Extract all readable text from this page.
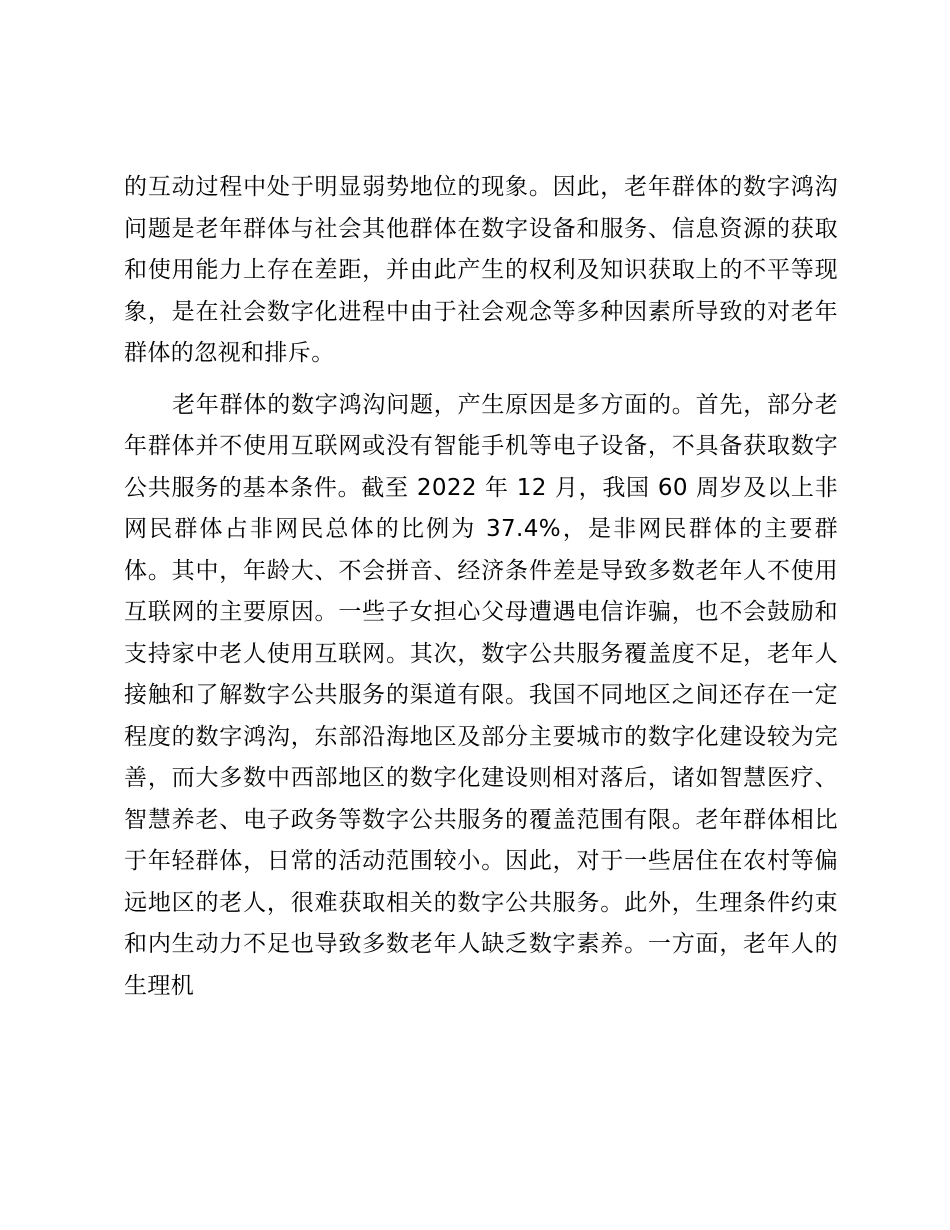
的互动过程中处于明显弱势地位的现象。因此，老年群体的数字鸿沟问题是老年群体与社会其他群体在数字设备和服务、信息资源的获取和使用能力上存在差距，并由此产生的权利及知识获取上的不平等现象，是在社会数字化进程中由于社会观念等多种因素所导致的对老年群体的忽视和排斥。

老年群体的数字鸿沟问题，产生原因是多方面的。首先，部分老年群体并不使用互联网或没有智能手机等电子设备，不具备获取数字公共服务的基本条件。截至 2022 年 12 月，我国 60 周岁及以上非网民群体占非网民总体的比例为 37.4%，是非网民群体的主要群体。其中，年龄大、不会拼音、经济条件差是导致多数老年人不使用互联网的主要原因。一些子女担心父母遭遇电信诈骗，也不会鼓励和支持家中老人使用互联网。其次，数字公共服务覆盖度不足，老年人接触和了解数字公共服务的渠道有限。我国不同地区之间还存在一定程度的数字鸿沟，东部沿海地区及部分主要城市的数字化建设较为完善，而大多数中西部地区的数字化建设则相对落后，诸如智慧医疗、智慧养老、电子政务等数字公共服务的覆盖范围有限。老年群体相比于年轻群体，日常的活动范围较小。因此，对于一些居住在农村等偏远地区的老人，很难获取相关的数字公共服务。此外，生理条件约束和内生动力不足也导致多数老年人缺乏数字素养。一方面，老年人的生理机
